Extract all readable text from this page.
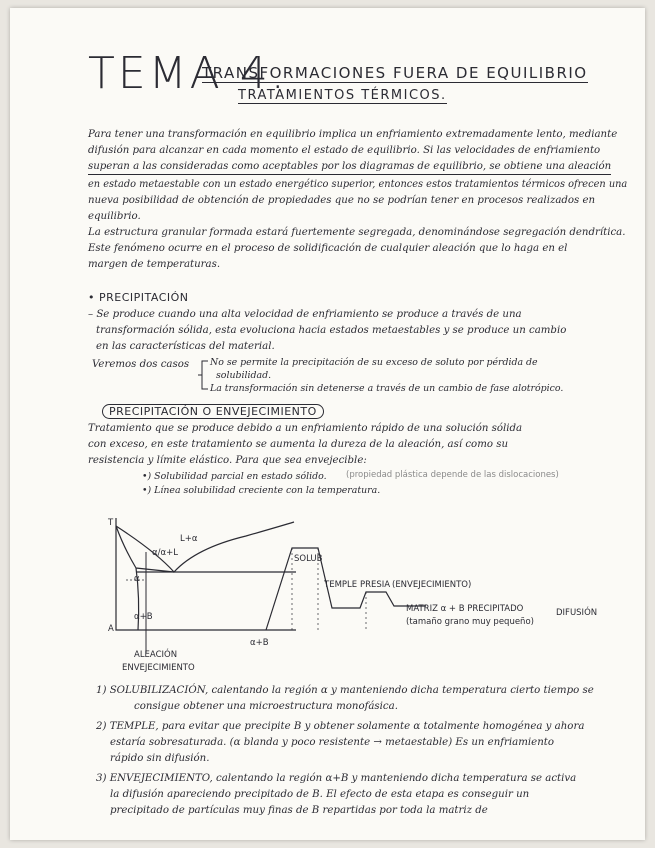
TEMA 4.
TRANSFORMACIONES FUERA DE EQUILIBRIO
TRATAMIENTOS TÉRMICOS.
Para tener una transformación en equilibrio implica un enfriamiento extremadamente lento, mediante
difusión para alcanzar en cada momento el estado de equilibrio. Si las velocidades de enfriamiento
superan a las consideradas como aceptables por los diagramas de equilibrio, se obtiene una aleación
en estado metaestable con un estado energético superior, entonces estos tratamientos térmicos ofrecen una
nueva posibilidad de obtención de propiedades que no se podrían tener en procesos realizados en
equilibrio.
La estructura granular formada estará fuertemente segregada, denominándose segregación dendrítica.
Este fenómeno ocurre en el proceso de solidificación de cualquier aleación que lo haga en el
margen de temperaturas.
• PRECIPITACIÓN
– Se produce cuando una alta velocidad de enfriamiento se produce a través de una
transformación sólida, esta evoluciona hacia estados metaestables y se produce un cambio
en las características del material.
Veremos dos casos No se permite la precipitación de su exceso de soluto por pérdida de
solubilidad.
La transformación sin detenerse a través de un cambio de fase alotrópico.
PRECIPITACIÓN O ENVEJECIMIENTO
Tratamiento que se produce debido a un enfriamiento rápido de una solución sólida
con exceso, en este tratamiento se aumenta la dureza de la aleación, así como su
resistencia y límite elástico. Para que sea envejecible:
•) Solubilidad parcial en estado sólido. (propiedad plástica depende de las dislocaciones)
•) Línea solubilidad creciente con la temperatura.
T
A
L+α
α/α+L
α
α+B
ALEACIÓN
ENVEJECIMIENTO
α+B
SOLUB
TEMPLE PRESIA (ENVEJECIMIENTO)
MATRIZ α + B PRECIPITADO
(tamaño grano muy pequeño)
DIFUSIÓN
1) SOLUBILIZACIÓN, calentando la región α y manteniendo dicha temperatura cierto tiempo se
consigue obtener una microestructura monofásica.
2) TEMPLE, para evitar que precipite B y obtener solamente α totalmente homogénea y ahora
estaría sobresaturada. (α blanda y poco resistente → metaestable) Es un enfriamiento
rápido sin difusión.
3) ENVEJECIMIENTO, calentando la región α+B y manteniendo dicha temperatura se activa
la difusión apareciendo precipitado de B. El efecto de esta etapa es conseguir un
precipitado de partículas muy finas de B repartidas por toda la matriz de
